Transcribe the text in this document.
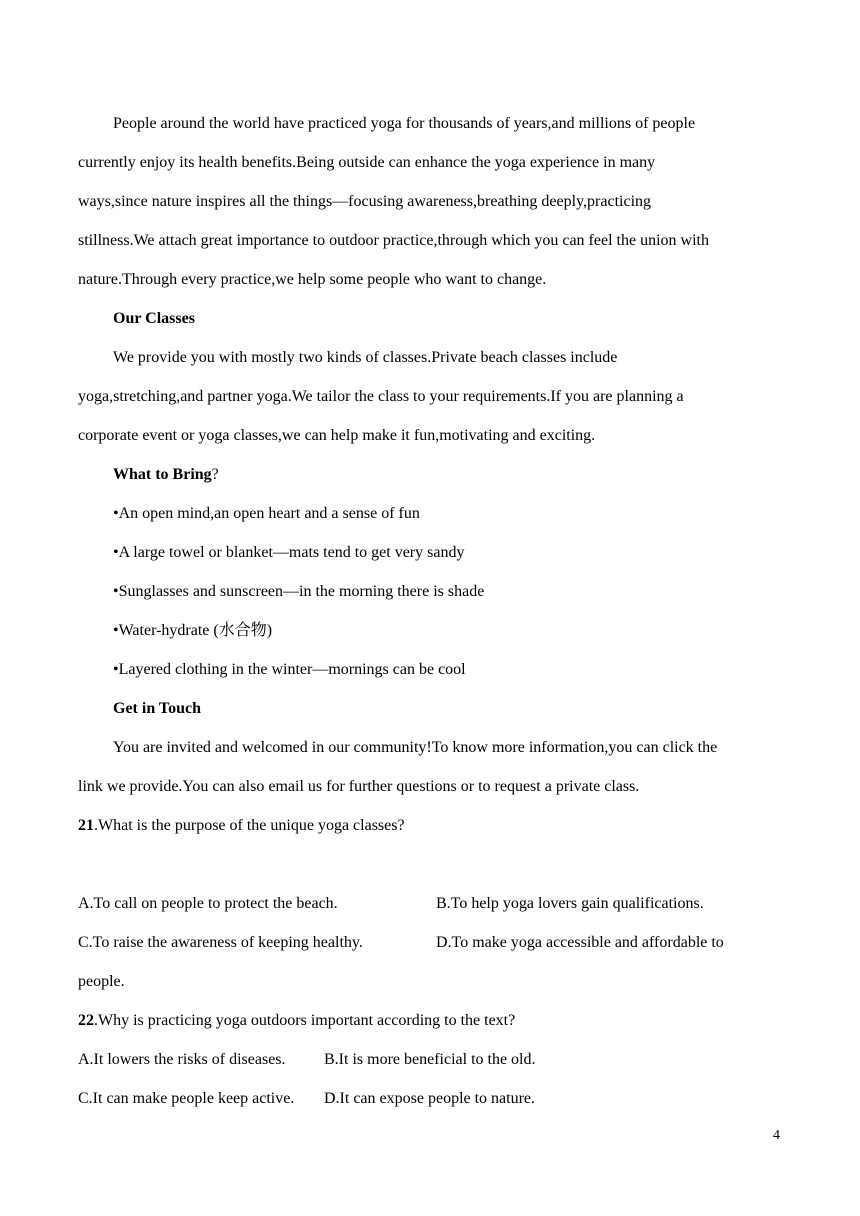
People around the world have practiced yoga for thousands of years,and millions of people
currently enjoy its health benefits.Being outside can enhance the yoga experience in many
ways,since nature inspires all the things—focusing awareness,breathing deeply,practicing
stillness.We attach great importance to outdoor practice,through which you can feel the union with
nature.Through every practice,we help some people who want to change.
Our Classes
We provide you with mostly two kinds of classes.Private beach classes include
yoga,stretching,and partner yoga.We tailor the class to your requirements.If you are planning a
corporate event or yoga classes,we can help make it fun,motivating and exciting.
What to Bring?
•An open mind,an open heart and a sense of fun
•A large towel or blanket—mats tend to get very sandy
•Sunglasses and sunscreen—in the morning there is shade
•Water-hydrate (水合物)
•Layered clothing in the winter—mornings can be cool
Get in Touch
You are invited and welcomed in our community!To know more information,you can click the
link we provide.You can also email us for further questions or to request a private class.
21.What is the purpose of the unique yoga classes?
A.To call on people to protect the beach.	B.To help yoga lovers gain qualifications.
C.To raise the awareness of keeping healthy.	D.To make yoga accessible and affordable to
people.
22.Why is practicing yoga outdoors important according to the text?
A.It lowers the risks of diseases. B.It is more beneficial to the old.
C.It can make people keep active. D.It can expose people to nature.
4
